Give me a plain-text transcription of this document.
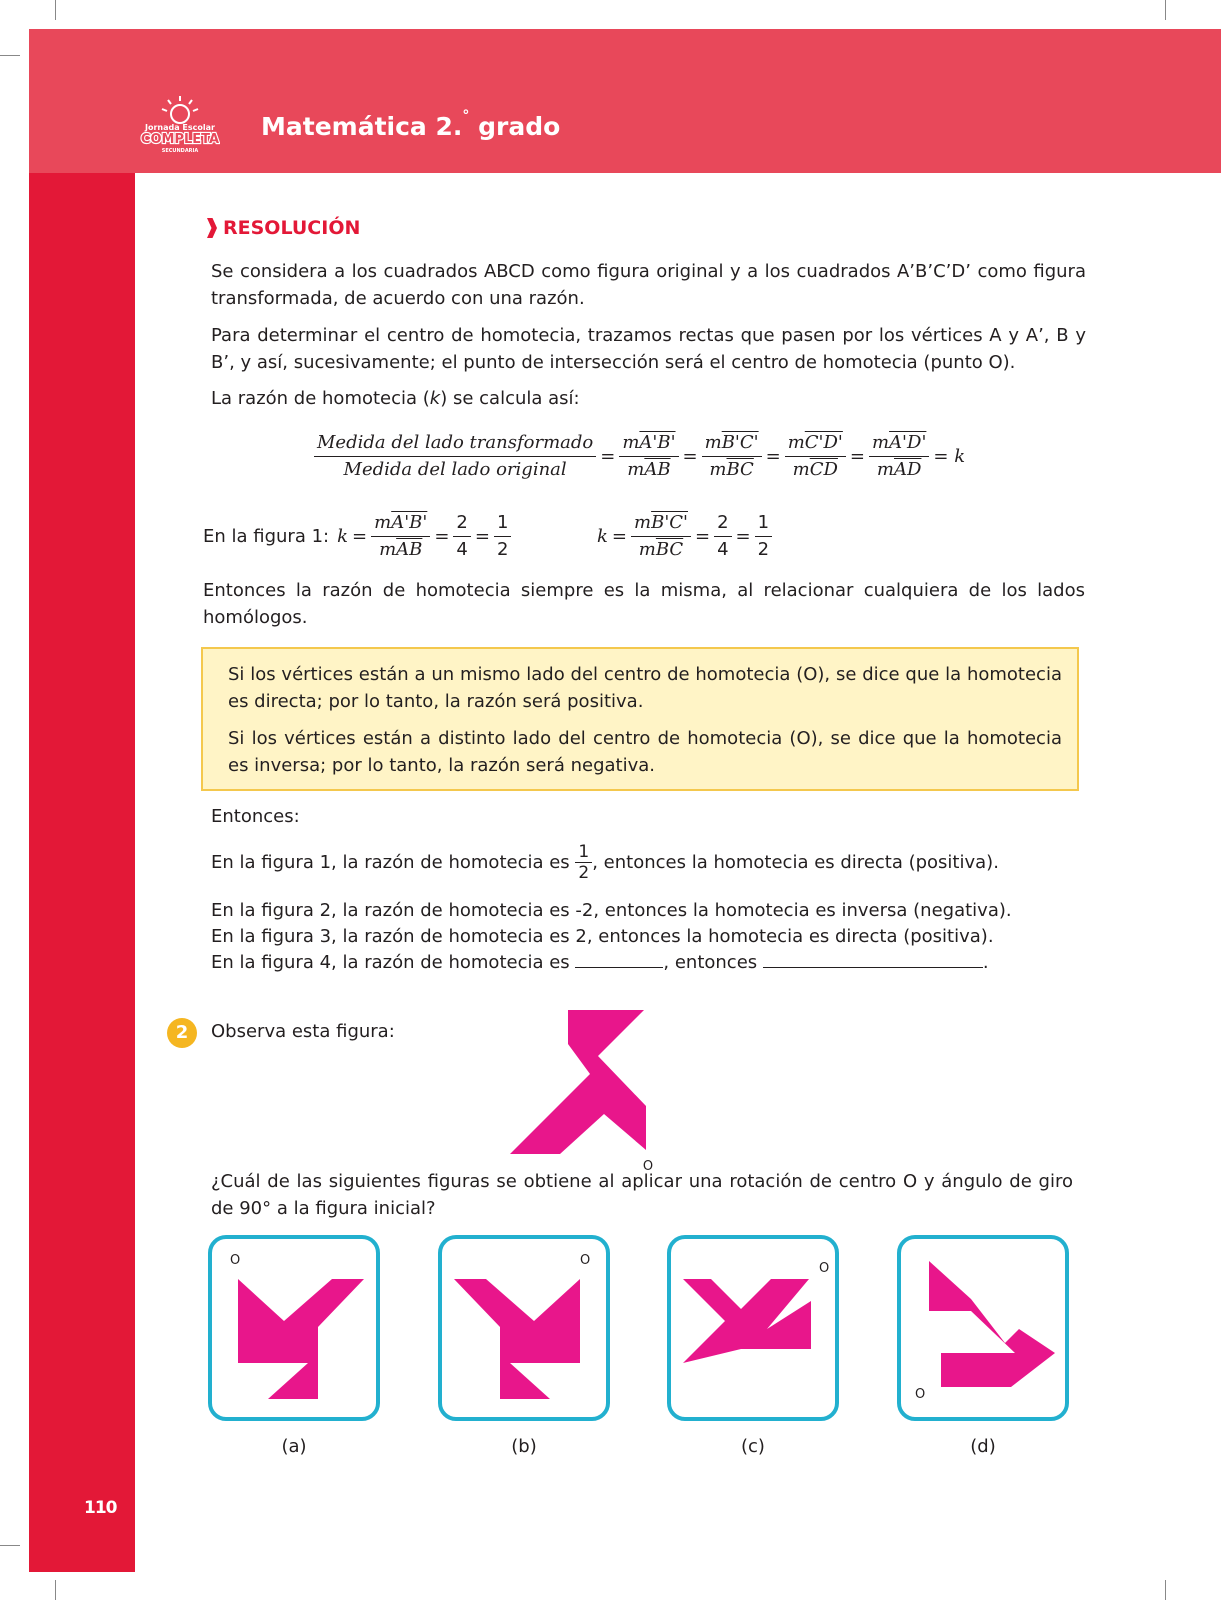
110
Jornada Escolar
COMPLETA
SECUNDARIA
Matemática 2.° grado
RESOLUCIÓN
Se considera a los cuadrados ABCD como figura original y a los cuadrados A’B’C’D’ como figura transformada, de acuerdo con una razón.
Para determinar el centro de homotecia, trazamos rectas que pasen por los vértices A y A’, B y B’, y así, sucesivamente; el punto de intersección será el centro de homotecia (punto O).
La razón de homotecia (k) se calcula así:
$\frac{\text{Medida del lado transformado}}{\text{Medida del lado original}} = \frac{mA'B'}{m\overline{AB}} = \frac{mB'C'}{m\overline{BC}} = \frac{mC'D'}{m\overline{CD}} = \frac{mA'D'}{m\overline{AD}} = k$
En la figura 1: $k = \frac{mA'B'}{m\overline{AB}} = \frac{2}{4} = \frac{1}{2}$	$k = \frac{mB'C'}{m\overline{BC}} = \frac{2}{4} = \frac{1}{2}$
Entonces la razón de homotecia siempre es la misma, al relacionar cualquiera de los lados homólogos.
Si los vértices están a un mismo lado del centro de homotecia (O), se dice que la homotecia es directa; por lo tanto, la razón será positiva.
Si los vértices están a distinto lado del centro de homotecia (O), se dice que la homotecia es inversa; por lo tanto, la razón será negativa.
Entonces:
En la figura 1, la razón de homotecia es $\frac{1}{2}$ , entonces la homotecia es directa (positiva).
En la figura 2, la razón de homotecia es -2, entonces la homotecia es inversa (negativa).
En la figura 3, la razón de homotecia es 2, entonces la homotecia es directa (positiva).
En la figura 4, la razón de homotecia es	, entonces	.
2	Observa esta figura:
O
¿Cuál de las siguientes figuras se obtiene al aplicar una rotación de centro O y ángulo de giro de 90° a la figura inicial?
O	O
O
O
(a)	(b)	(c)	(d)
